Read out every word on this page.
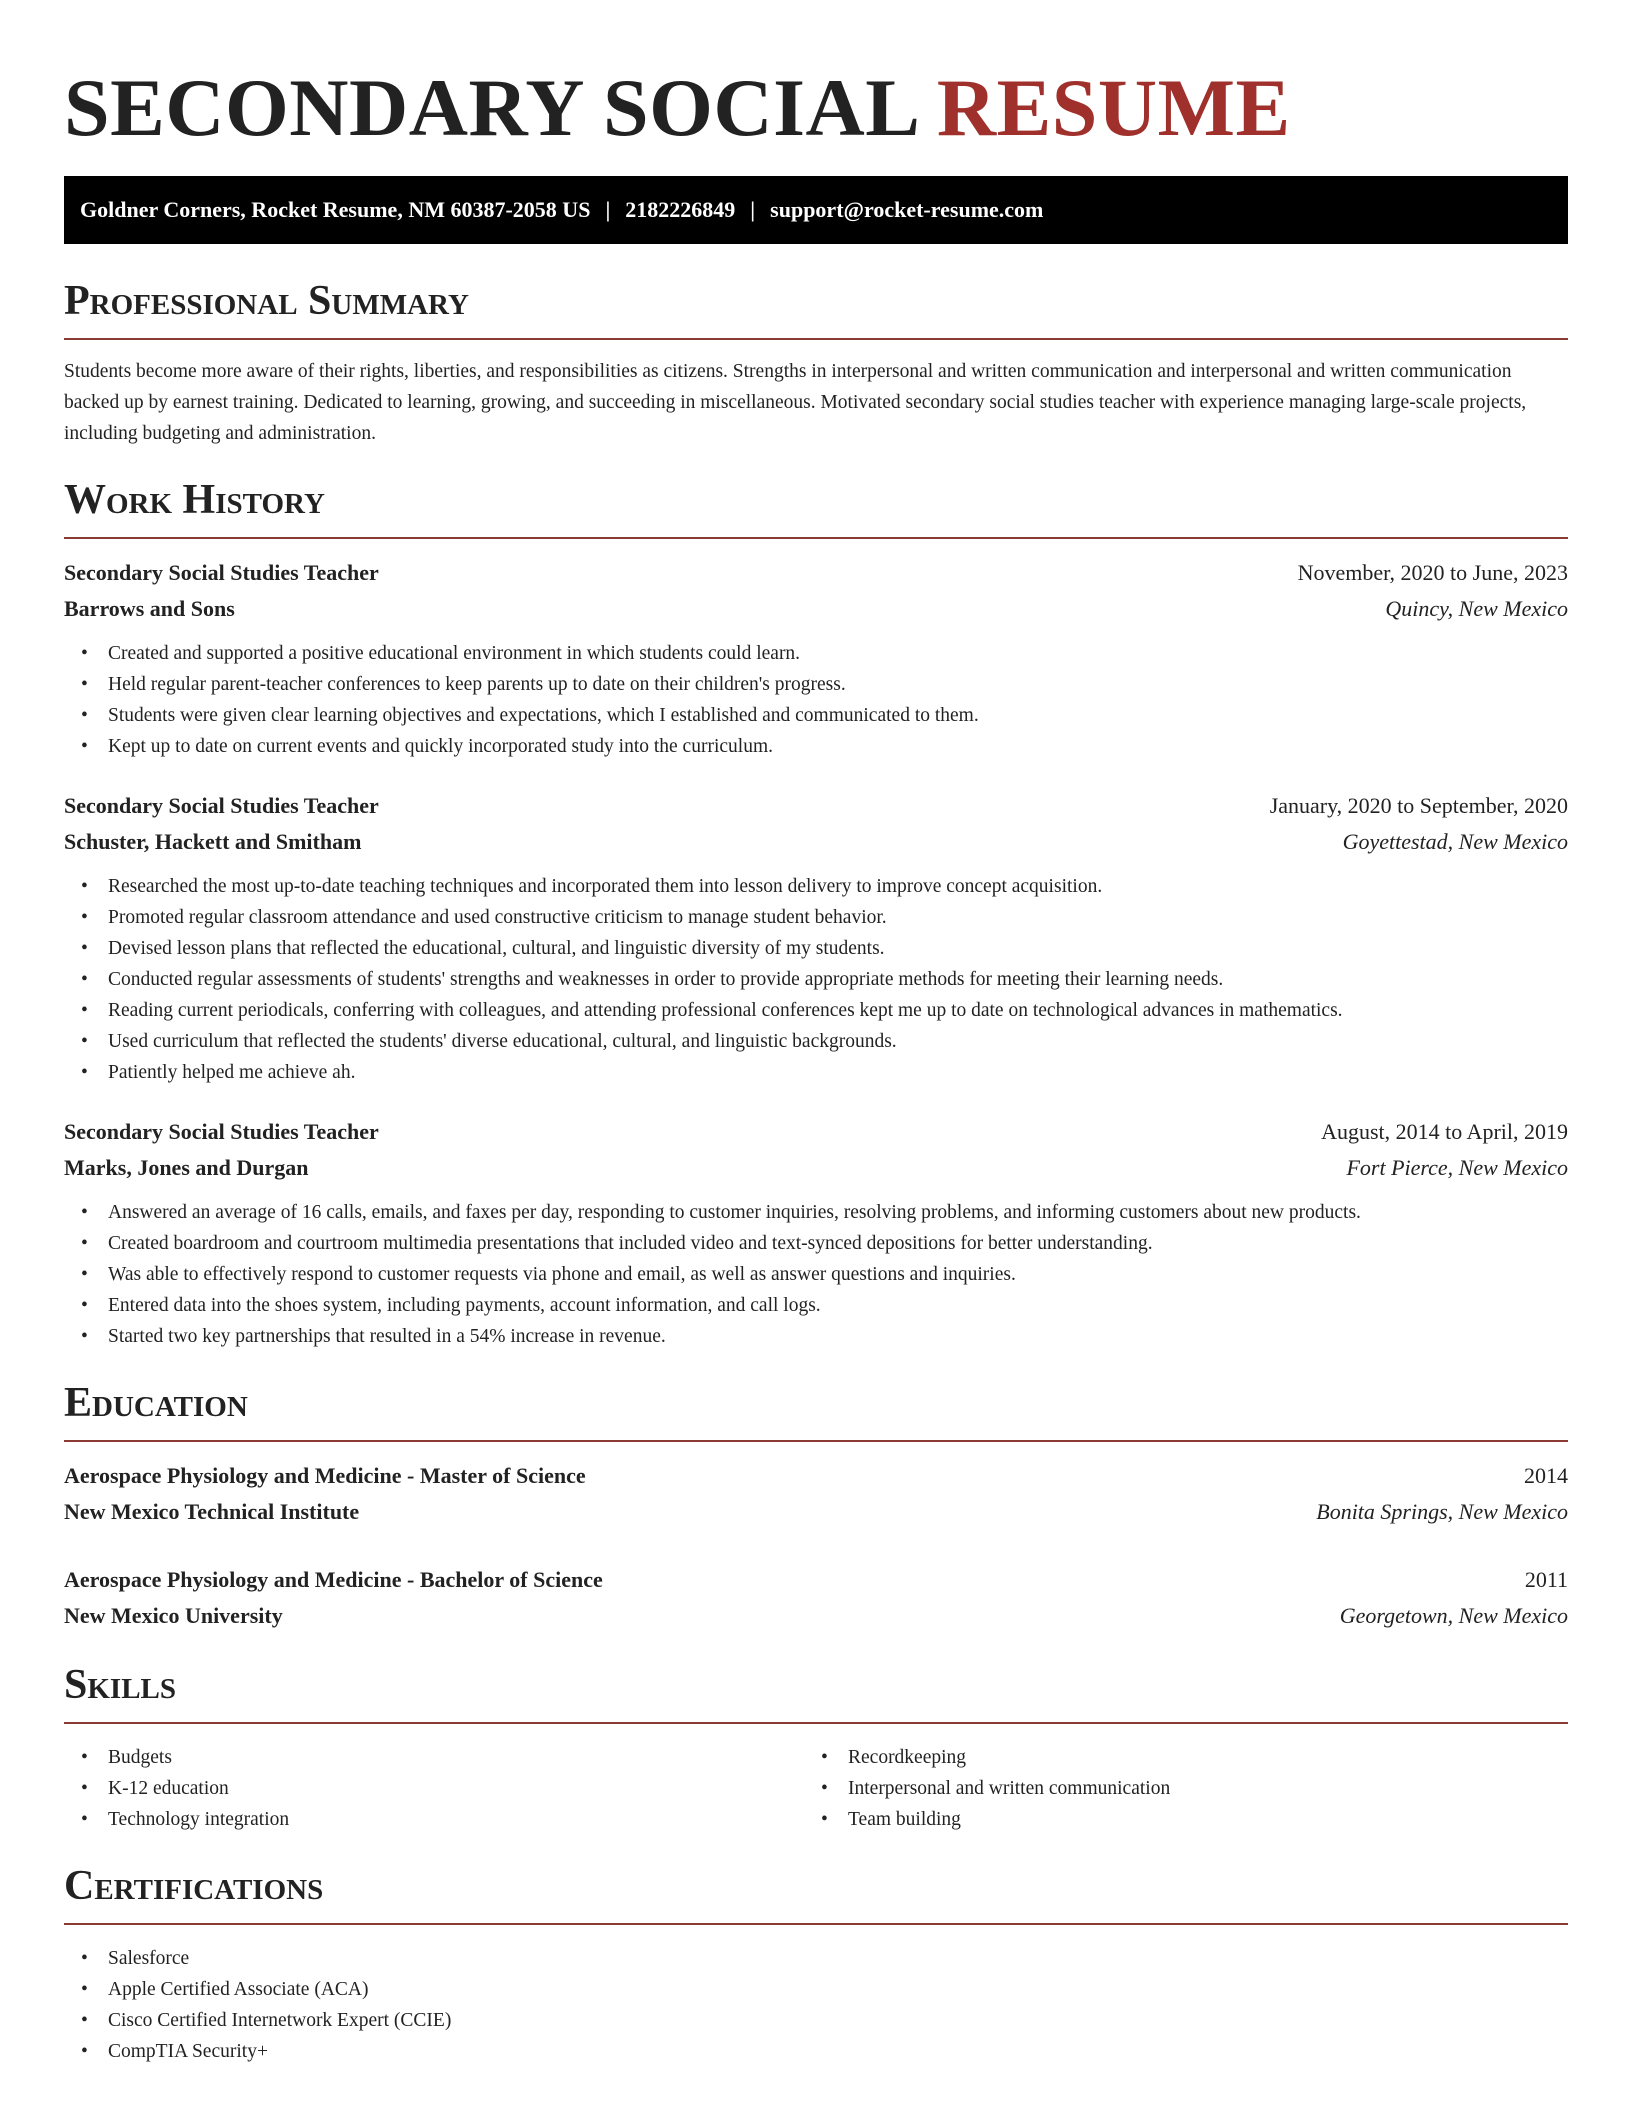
SECONDARY SOCIAL RESUME
Goldner Corners, Rocket Resume, NM 60387-2058 US | 2182226849 | support@rocket-resume.com
Professional Summary
Students become more aware of their rights, liberties, and responsibilities as citizens. Strengths in interpersonal and written communication and interpersonal and written communication backed up by earnest training. Dedicated to learning, growing, and succeeding in miscellaneous. Motivated secondary social studies teacher with experience managing large-scale projects, including budgeting and administration.
Work History
Secondary Social Studies Teacher	November, 2020 to June, 2023
Barrows and Sons	Quincy, New Mexico
• Created and supported a positive educational environment in which students could learn.
• Held regular parent-teacher conferences to keep parents up to date on their children's progress.
• Students were given clear learning objectives and expectations, which I established and communicated to them.
• Kept up to date on current events and quickly incorporated study into the curriculum.
Secondary Social Studies Teacher	January, 2020 to September, 2020
Schuster, Hackett and Smitham	Goyettestad, New Mexico
• Researched the most up-to-date teaching techniques and incorporated them into lesson delivery to improve concept acquisition.
• Promoted regular classroom attendance and used constructive criticism to manage student behavior.
• Devised lesson plans that reflected the educational, cultural, and linguistic diversity of my students.
• Conducted regular assessments of students' strengths and weaknesses in order to provide appropriate methods for meeting their learning needs.
• Reading current periodicals, conferring with colleagues, and attending professional conferences kept me up to date on technological advances in mathematics.
• Used curriculum that reflected the students' diverse educational, cultural, and linguistic backgrounds.
• Patiently helped me achieve ah.
Secondary Social Studies Teacher	August, 2014 to April, 2019
Marks, Jones and Durgan	Fort Pierce, New Mexico
• Answered an average of 16 calls, emails, and faxes per day, responding to customer inquiries, resolving problems, and informing customers about new products.
• Created boardroom and courtroom multimedia presentations that included video and text-synced depositions for better understanding.
• Was able to effectively respond to customer requests via phone and email, as well as answer questions and inquiries.
• Entered data into the shoes system, including payments, account information, and call logs.
• Started two key partnerships that resulted in a 54% increase in revenue.
Education
Aerospace Physiology and Medicine - Master of Science	2014
New Mexico Technical Institute	Bonita Springs, New Mexico
Aerospace Physiology and Medicine - Bachelor of Science	2011
New Mexico University	Georgetown, New Mexico
Skills
• Budgets
• K-12 education
• Technology integration
• Recordkeeping
• Interpersonal and written communication
• Team building
Certifications
• Salesforce
• Apple Certified Associate (ACA)
• Cisco Certified Internetwork Expert (CCIE)
• CompTIA Security+
